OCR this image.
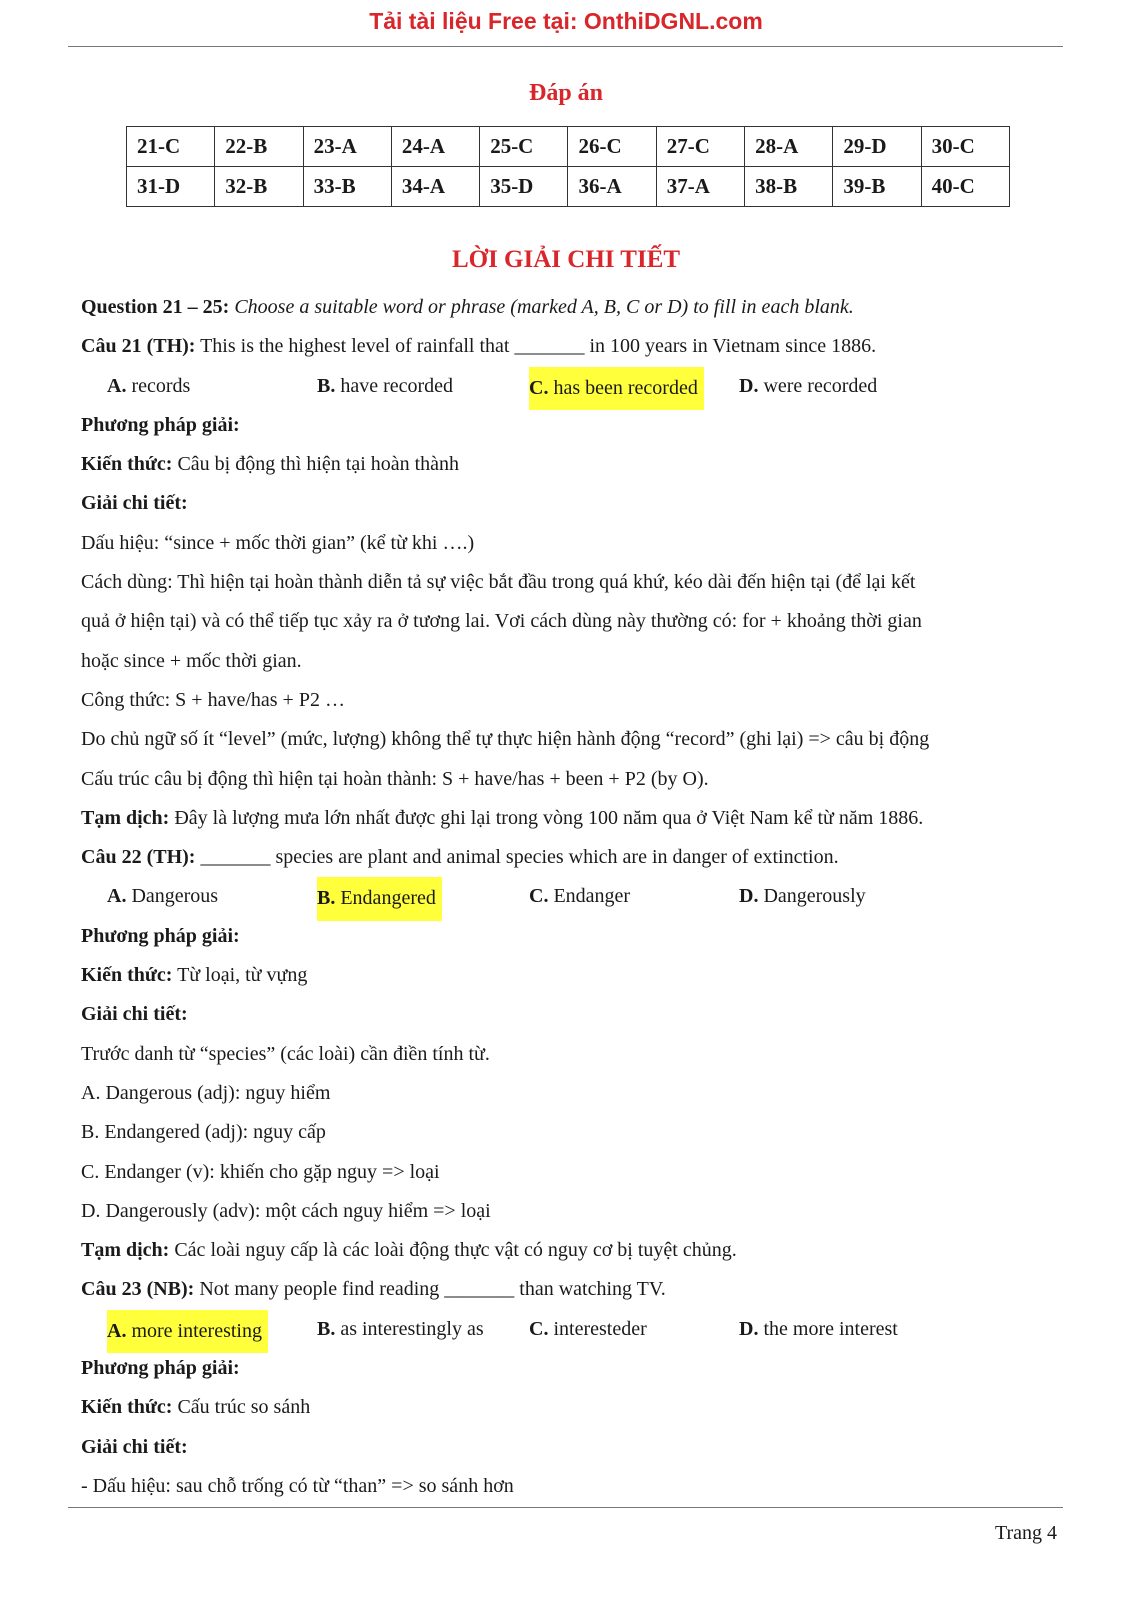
Tải tài liệu Free tại: OnthiDGNL.com
Đáp án
21-C	22-B	23-A	24-A	25-C	26-C	27-C	28-A	29-D	30-C
31-D	32-B	33-B	34-A	35-D	36-A	37-A	38-B	39-B	40-C
LỜI GIẢI CHI TIẾT
Question 21 – 25: Choose a suitable word or phrase (marked A, B, C or D) to fill in each blank.
Câu 21 (TH): This is the highest level of rainfall that _______ in 100 years in Vietnam since 1886.
A. records	B. have recorded	C. has been recorded	D. were recorded
Phương pháp giải:
Kiến thức: Câu bị động thì hiện tại hoàn thành
Giải chi tiết:
Dấu hiệu: “since + mốc thời gian” (kể từ khi ….)
Cách dùng: Thì hiện tại hoàn thành diễn tả sự việc bắt đầu trong quá khứ, kéo dài đến hiện tại (để lại kết
quả ở hiện tại) và có thể tiếp tục xảy ra ở tương lai. Vơi cách dùng này thường có: for + khoảng thời gian
hoặc since + mốc thời gian.
Công thức: S + have/has + P2 …
Do chủ ngữ số ít “level” (mức, lượng) không thể tự thực hiện hành động “record” (ghi lại) => câu bị động
Cấu trúc câu bị động thì hiện tại hoàn thành: S + have/has + been + P2 (by O).
Tạm dịch: Đây là lượng mưa lớn nhất được ghi lại trong vòng 100 năm qua ở Việt Nam kể từ năm 1886.
Câu 22 (TH): _______ species are plant and animal species which are in danger of extinction.
A. Dangerous	B. Endangered	C. Endanger	D. Dangerously
Phương pháp giải:
Kiến thức: Từ loại, từ vựng
Giải chi tiết:
Trước danh từ “species” (các loài) cần điền tính từ.
A. Dangerous (adj): nguy hiểm
B. Endangered (adj): nguy cấp
C. Endanger (v): khiến cho gặp nguy => loại
D. Dangerously (adv): một cách nguy hiểm => loại
Tạm dịch: Các loài nguy cấp là các loài động thực vật có nguy cơ bị tuyệt chủng.
Câu 23 (NB): Not many people find reading _______ than watching TV.
A. more interesting	B. as interestingly as C. interesteder	D. the more interest
Phương pháp giải:
Kiến thức: Cấu trúc so sánh
Giải chi tiết:
- Dấu hiệu: sau chỗ trống có từ “than” => so sánh hơn
Trang 4
